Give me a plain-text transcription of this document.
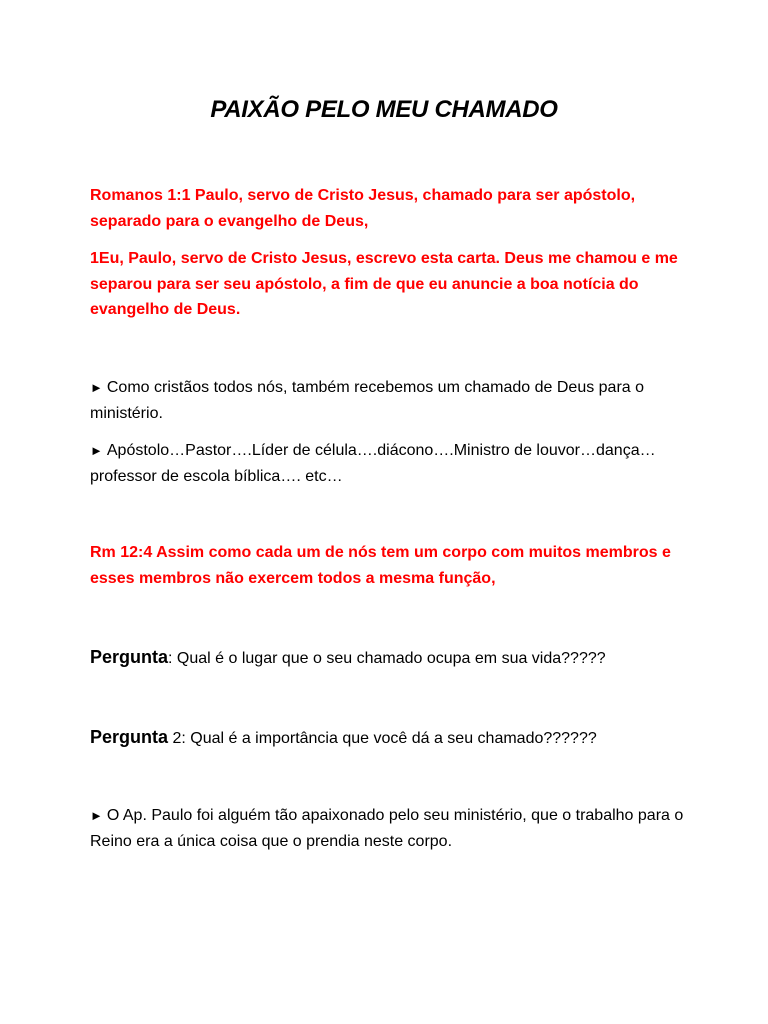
PAIXÃO PELO MEU CHAMADO

Romanos 1:1 Paulo, servo de Cristo Jesus, chamado para ser apóstolo, separado para o evangelho de Deus,

1Eu, Paulo, servo de Cristo Jesus, escrevo esta carta. Deus me chamou e me separou para ser seu apóstolo, a fim de que eu anuncie a boa notícia do evangelho de Deus.

► Como cristãos todos nós, também recebemos um chamado de Deus para o ministério.

► Apóstolo…Pastor….Líder de célula….diácono….Ministro de louvor…dança…professor de escola bíblica…. etc…

Rm 12:4 Assim como cada um de nós tem um corpo com muitos membros e esses membros não exercem todos a mesma função,

Pergunta: Qual é o lugar que o seu chamado ocupa em sua vida?????

Pergunta 2: Qual é a importância que você dá a seu chamado??????

► O Ap. Paulo foi alguém tão apaixonado pelo seu ministério, que o trabalho para o Reino era a única coisa que o prendia neste corpo.
